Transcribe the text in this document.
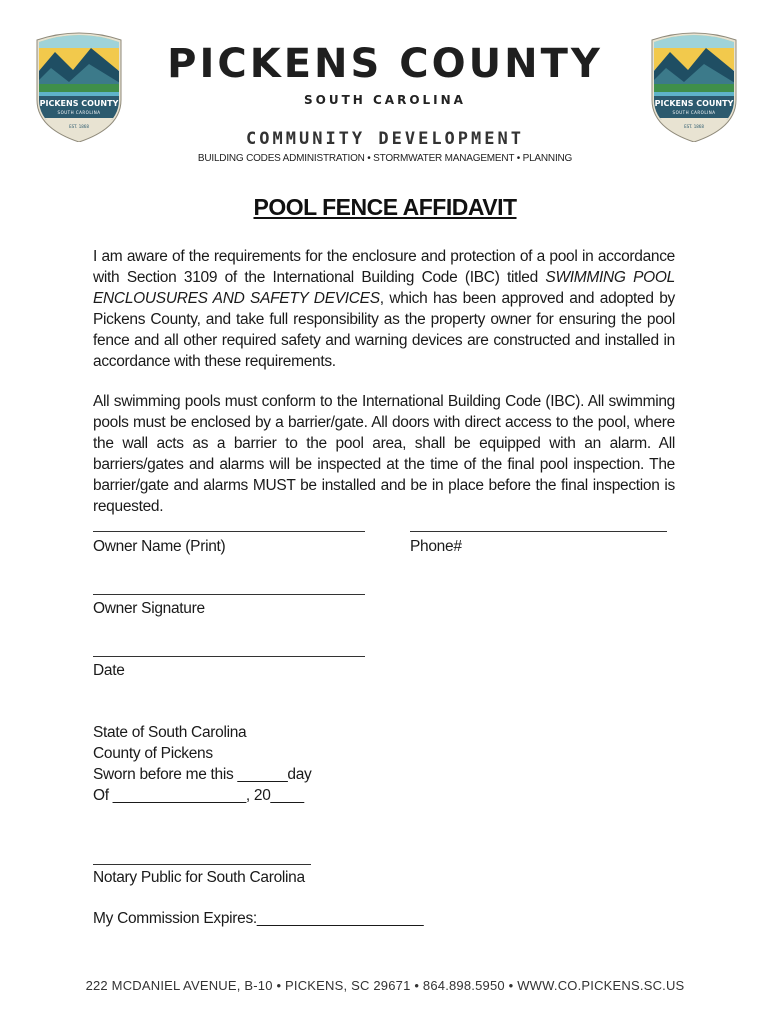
PICKENS COUNTY
SOUTH CAROLINA
EST. 1868
PICKENS COUNTY
SOUTH CAROLINA
EST. 1868
PICKENS COUNTY
SOUTH CAROLINA
COMMUNITY DEVELOPMENT
BUILDING CODES ADMINISTRATION • STORMWATER MANAGEMENT • PLANNING
POOL FENCE AFFIDAVIT

I am aware of the requirements for the enclosure and protection of a pool in accordance with Section 3109 of the International Building Code (IBC) titled SWIMMING POOL ENCLOUSURES AND SAFETY DEVICES, which has been approved and adopted by Pickens County, and take full responsibility as the property owner for ensuring the pool fence and all other required safety and warning devices are constructed and installed in accordance with these requirements.

All swimming pools must conform to the International Building Code (IBC). All swimming pools must be enclosed by a barrier/gate. All doors with direct access to the pool, where the wall acts as a barrier to the pool area, shall be equipped with an alarm. All barriers/gates and alarms will be inspected at the time of the final pool inspection. The barrier/gate and alarms MUST be installed and be in place before the final inspection is requested.

Owner Name (Print)	Phone#
Owner Signature
Date
State of South Carolina
County of Pickens
Sworn before me this ______day
Of ________________, 20____
Notary Public for South Carolina
My Commission Expires:____________________
222 MCDANIEL AVENUE, B-10 • PICKENS, SC 29671 • 864.898.5950 • WWW.CO.PICKENS.SC.US
